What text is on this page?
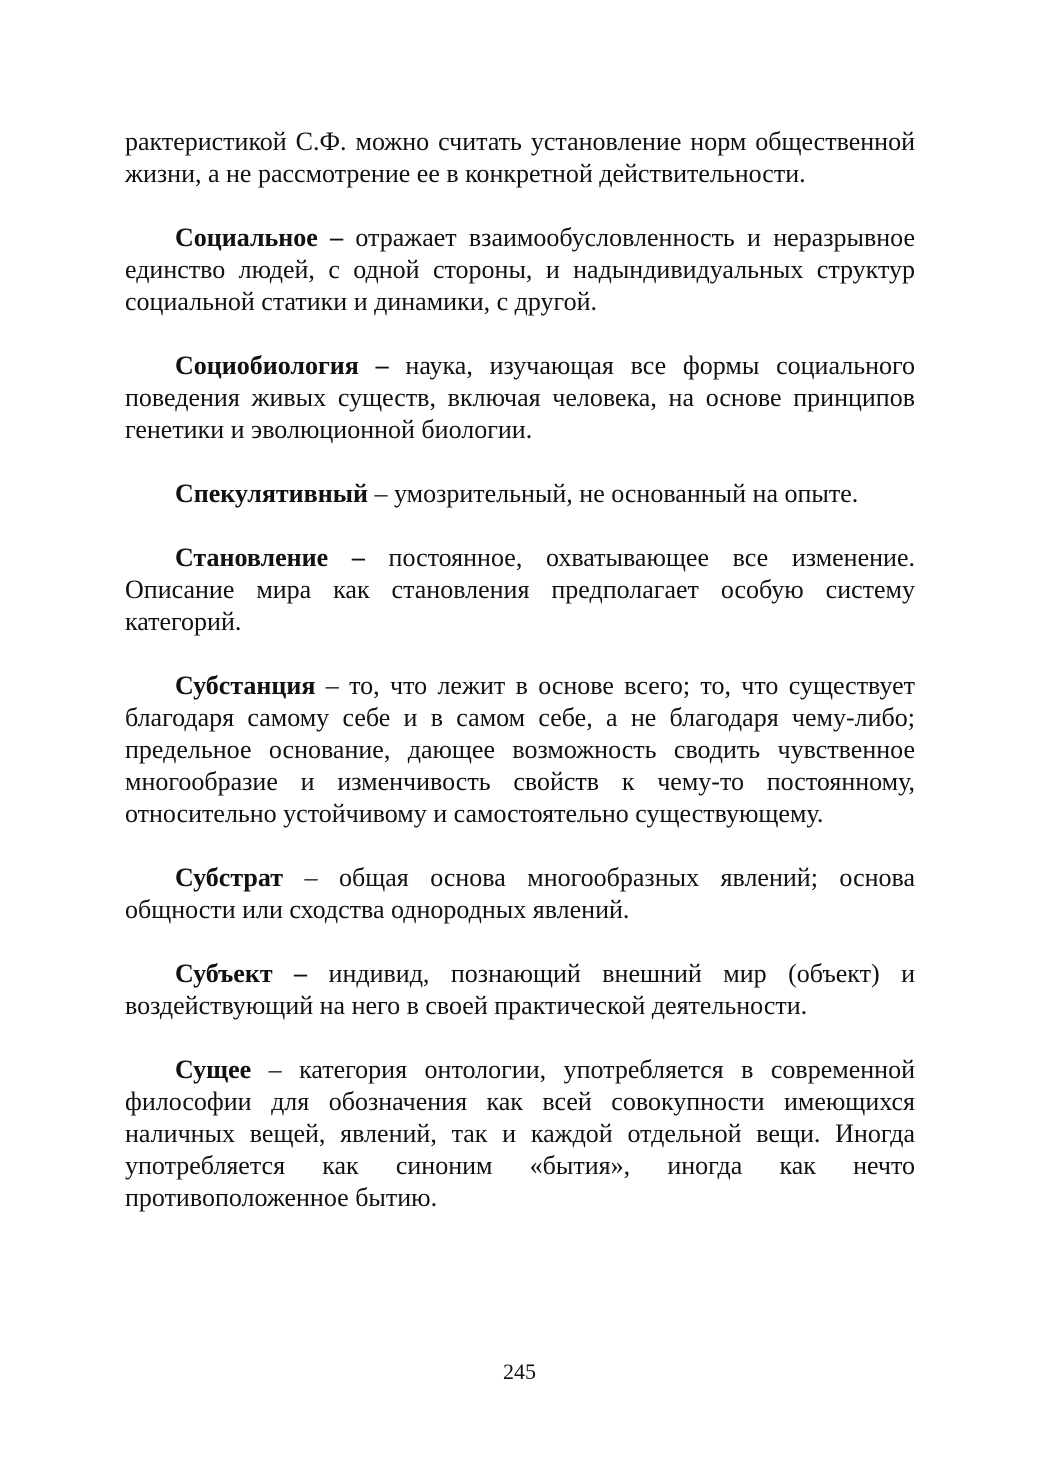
рактеристикой С.Ф. можно считать установление норм общественной жизни, а не рассмотрение ее в конкретной действительности.

Социальное – отражает взаимообусловленность и неразрывное единство людей, с одной стороны, и надындивидуальных структур социальной статики и динамики, с другой.

Социобиология – наука, изучающая все формы социального поведения живых существ, включая человека, на основе принципов генетики и эволюционной биологии.

Спекулятивный – умозрительный, не основанный на опыте.

Становление – постоянное, охватывающее все изменение. Описание мира как становления предполагает особую систему категорий.

Субстанция – то, что лежит в основе всего; то, что существует благодаря самому себе и в самом себе, а не благодаря чему-либо; предельное основание, дающее возможность сводить чувственное многообразие и изменчивость свойств к чему-то постоянному, относительно устойчивому и самостоятельно существующему.

Субстрат – общая основа многообразных явлений; основа общности или сходства однородных явлений.

Субъект – индивид, познающий внешний мир (объект) и воздействующий на него в своей практической деятельности.

Сущее – категория онтологии, употребляется в современной философии для обозначения как всей совокупности имеющихся наличных вещей, явлений, так и каждой отдельной вещи. Иногда употребляется как синоним «бытия», иногда как нечто противоположенное бытию.

245
